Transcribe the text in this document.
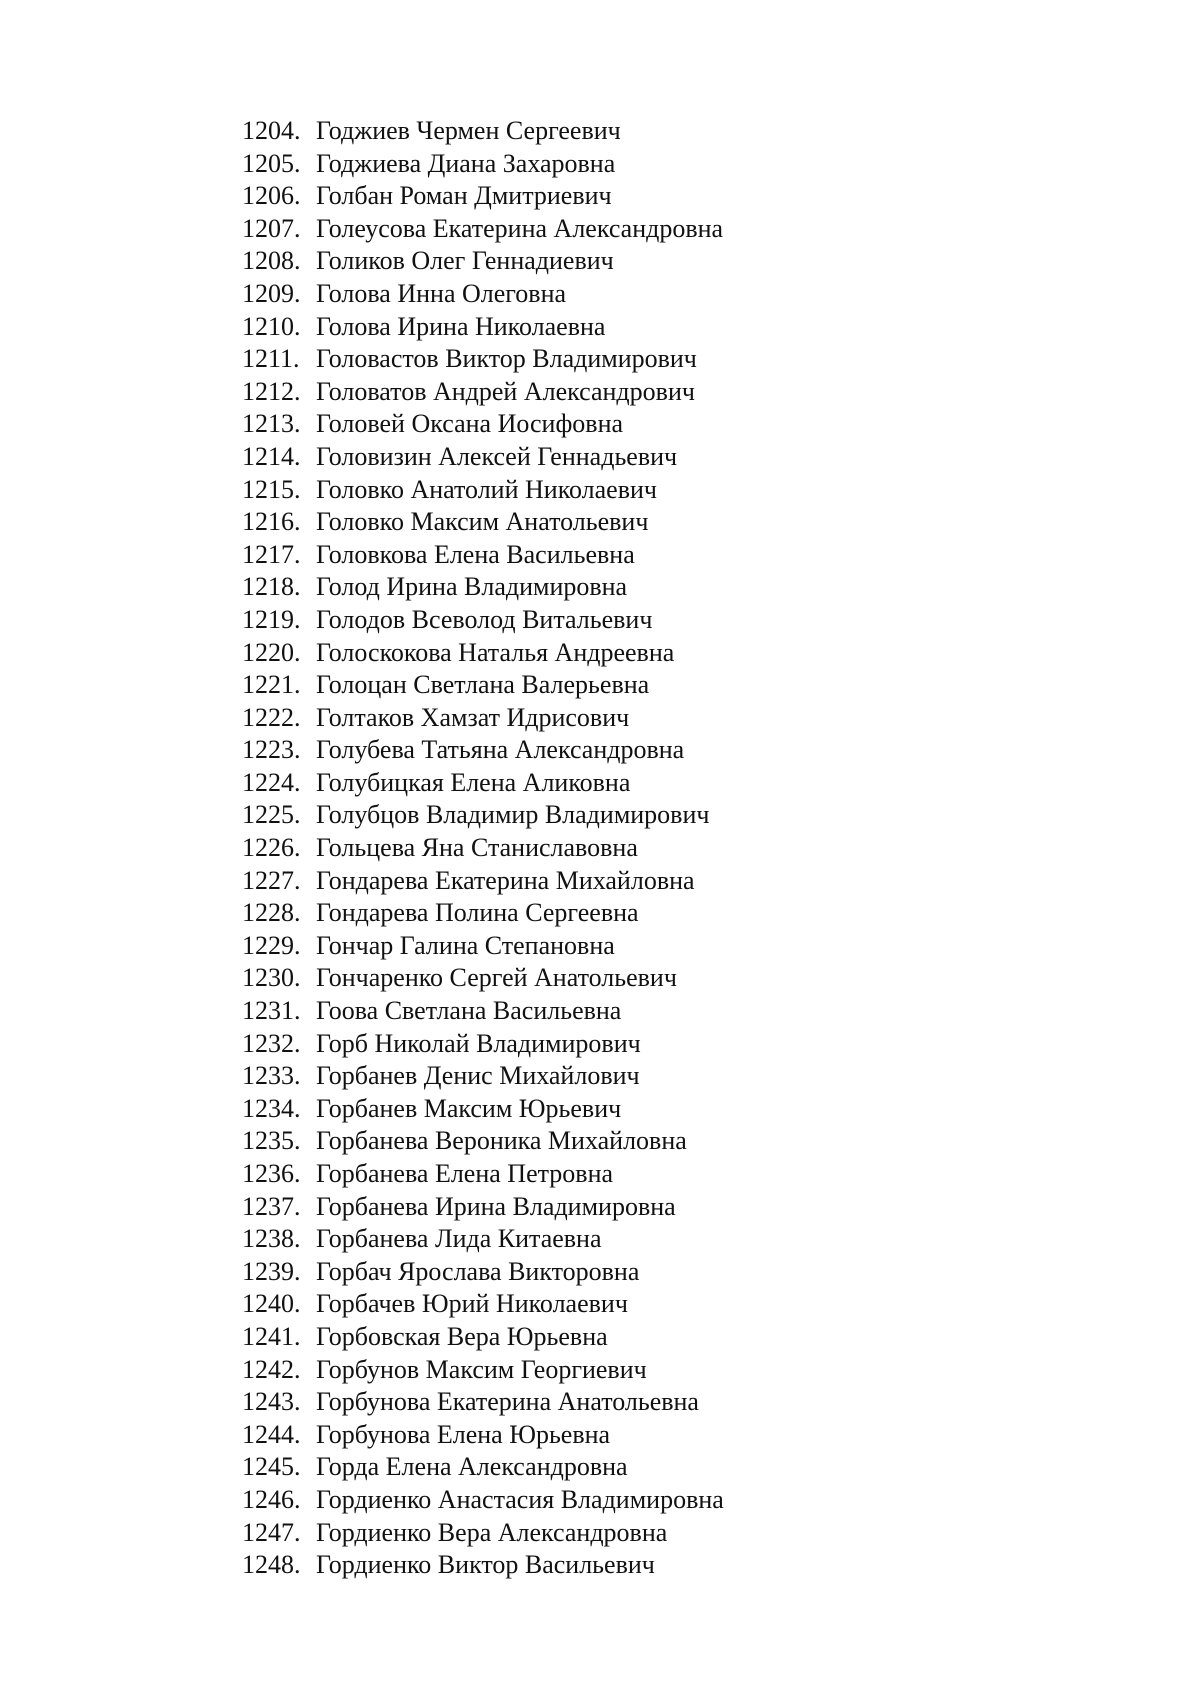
1204. Годжиев Чермен Сергеевич
1205. Годжиева Диана Захаровна
1206. Голбан Роман Дмитриевич
1207. Голеусова Екатерина Александровна
1208. Голиков Олег Геннадиевич
1209. Голова Инна Олеговна
1210. Голова Ирина Николаевна
1211. Головастов Виктор Владимирович
1212. Головатов Андрей Александрович
1213. Головей Оксана Иосифовна
1214. Головизин Алексей Геннадьевич
1215. Головко Анатолий Николаевич
1216. Головко Максим Анатольевич
1217. Головкова Елена Васильевна
1218. Голод Ирина Владимировна
1219. Голодов Всеволод Витальевич
1220. Голоскокова Наталья Андреевна
1221. Голоцан Светлана Валерьевна
1222. Голтаков Хамзат Идрисович
1223. Голубева Татьяна Александровна
1224. Голубицкая Елена Аликовна
1225. Голубцов Владимир Владимирович
1226. Гольцева Яна Станиславовна
1227. Гондарева Екатерина Михайловна
1228. Гондарева Полина Сергеевна
1229. Гончар Галина Степановна
1230. Гончаренко Сергей Анатольевич
1231. Гоова Светлана Васильевна
1232. Горб Николай Владимирович
1233. Горбанев Денис Михайлович
1234. Горбанев Максим Юрьевич
1235. Горбанева Вероника Михайловна
1236. Горбанева Елена Петровна
1237. Горбанева Ирина Владимировна
1238. Горбанева Лида Китаевна
1239. Горбач Ярослава Викторовна
1240. Горбачев Юрий Николаевич
1241. Горбовская Вера Юрьевна
1242. Горбунов Максим Георгиевич
1243. Горбунова Екатерина Анатольевна
1244. Горбунова Елена Юрьевна
1245. Горда Елена Александровна
1246. Гордиенко Анастасия Владимировна
1247. Гордиенко Вера Александровна
1248. Гордиенко Виктор Васильевич
